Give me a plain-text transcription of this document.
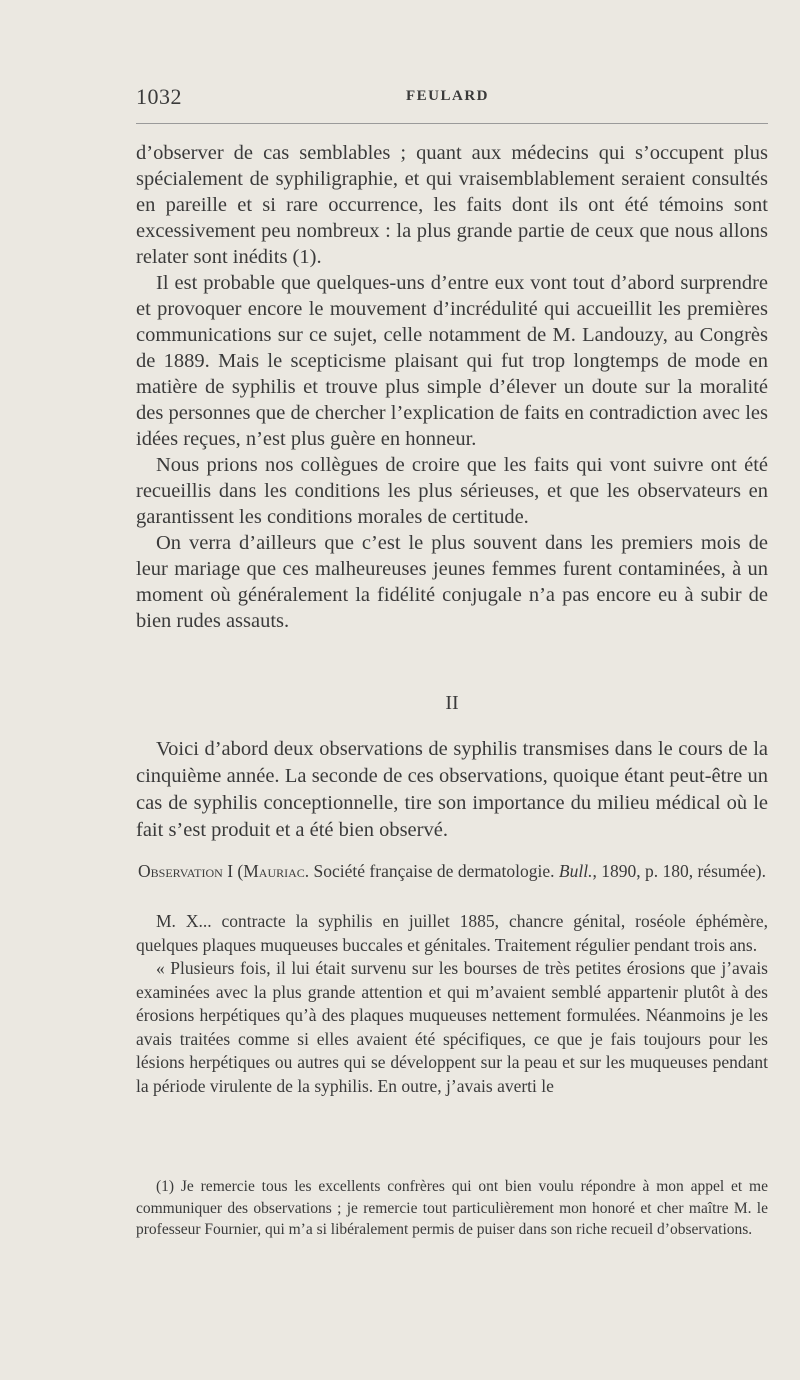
1032	FEULARD

d’observer de cas semblables ; quant aux médecins qui s’occupent plus spécialement de syphiligraphie, et qui vraisemblablement seraient consultés en pareille et si rare occurrence, les faits dont ils ont été témoins sont excessivement peu nombreux : la plus grande partie de ceux que nous allons relater sont inédits (1).

Il est probable que quelques-uns d’entre eux vont tout d’abord surprendre et provoquer encore le mouvement d’incrédulité qui accueillit les premières communications sur ce sujet, celle notamment de M. Landouzy, au Congrès de 1889. Mais le scepticisme plaisant qui fut trop longtemps de mode en matière de syphilis et trouve plus simple d’élever un doute sur la moralité des personnes que de chercher l’explication de faits en contradiction avec les idées reçues, n’est plus guère en honneur.

Nous prions nos collègues de croire que les faits qui vont suivre ont été recueillis dans les conditions les plus sérieuses, et que les observateurs en garantissent les conditions morales de certitude.

On verra d’ailleurs que c’est le plus souvent dans les premiers mois de leur mariage que ces malheureuses jeunes femmes furent contaminées, à un moment où généralement la fidélité conjugale n’a pas encore eu à subir de bien rudes assauts.

II

Voici d’abord deux observations de syphilis transmises dans le cours de la cinquième année. La seconde de ces observations, quoique étant peut-être un cas de syphilis conceptionnelle, tire son importance du milieu médical où le fait s’est produit et a été bien observé.

Observation I (Mauriac. Société française de dermatologie. Bull., 1890, p. 180, résumée).

M. X... contracte la syphilis en juillet 1885, chancre génital, roséole éphémère, quelques plaques muqueuses buccales et génitales. Traitement régulier pendant trois ans.

« Plusieurs fois, il lui était survenu sur les bourses de très petites érosions que j’avais examinées avec la plus grande attention et qui m’avaient semblé appartenir plutôt à des érosions herpétiques qu’à des plaques muqueuses nettement formulées. Néanmoins je les avais traitées comme si elles avaient été spécifiques, ce que je fais toujours pour les lésions herpétiques ou autres qui se développent sur la peau et sur les muqueuses pendant la période virulente de la syphilis. En outre, j’avais averti le

(1) Je remercie tous les excellents confrères qui ont bien voulu répondre à mon appel et me communiquer des observations ; je remercie tout particulièrement mon honoré et cher maître M. le professeur Fournier, qui m’a si libéralement permis de puiser dans son riche recueil d’observations.
